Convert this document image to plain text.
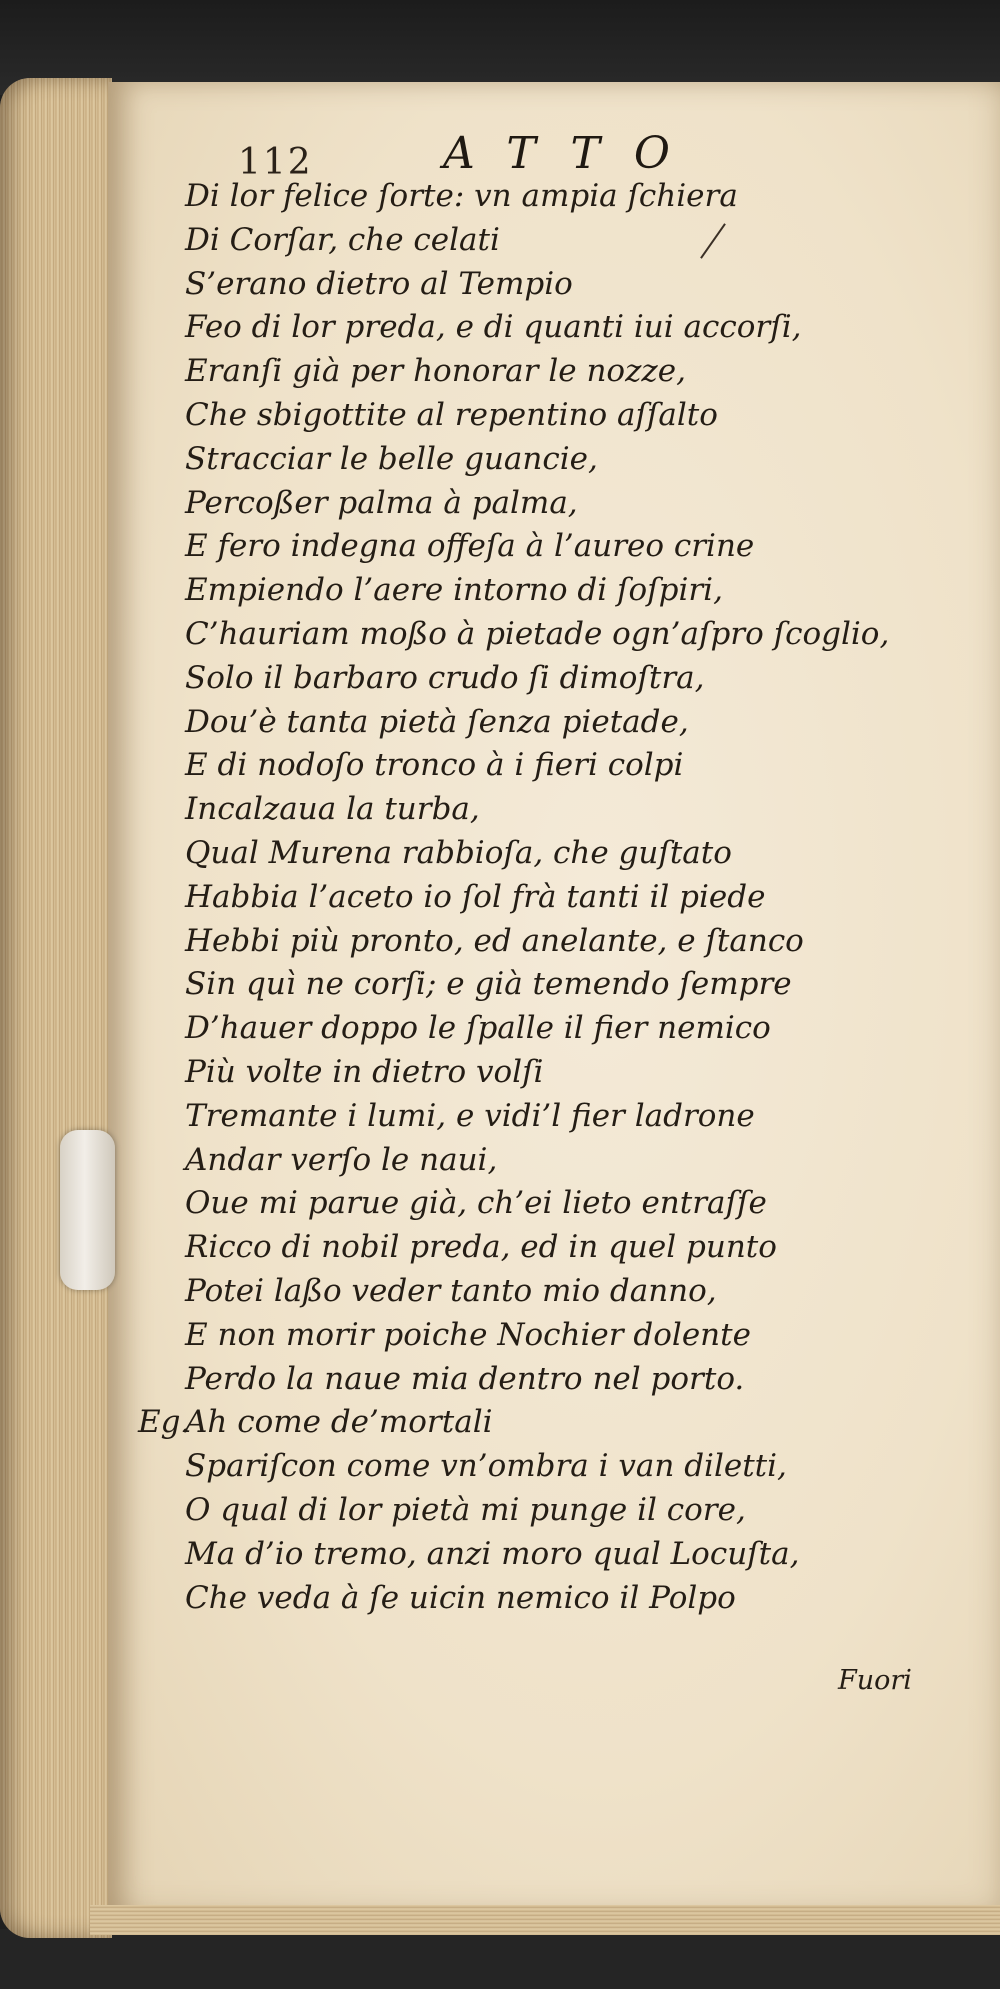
112	ATTO
Di lor felice ſorte: vn ampia ſchiera
Di Corſar, che celati
S’erano dietro al Tempio
Feo di lor preda, e di quanti iui accorſi,
Eranſi già per honorar le nozze,
Che sbigottite al repentino aſſalto
Stracciar le belle guancie,
Percoßer palma à palma,
E fero indegna offeſa à l’aureo crine
Empiendo l’aere intorno di ſoſpiri,
C’hauriam moßo à pietade ogn’aſpro ſcoglio,
Solo il barbaro crudo ſi dimoſtra,
Dou’è tanta pietà ſenza pietade,
E di nodoſo tronco à i fieri colpi
Incalzaua la turba,
Qual Murena rabbioſa, che guſtato
Habbia l’aceto io ſol frà tanti il piede
Hebbi più pronto, ed anelante, e ſtanco
Sin quì ne corſi; e già temendo ſempre
D’hauer doppo le ſpalle il fier nemico
Più volte in dietro volſi
Tremante i lumi, e vidi’l fier ladrone
Andar verſo le naui,
Oue mi parue già, ch’ei lieto entraſſe
Ricco di nobil preda, ed in quel punto
Potei laßo veder tanto mio danno,
E non morir poiche Nochier dolente
Perdo la naue mia dentro nel porto.
Eg.
Ah come de’mortali
Spariſcon come vn’ombra i van diletti,
O qual di lor pietà mi punge il core,
Ma d’io tremo, anzi moro qual Locuſta,
Che veda à ſe uicin nemico il Polpo
Fuori
